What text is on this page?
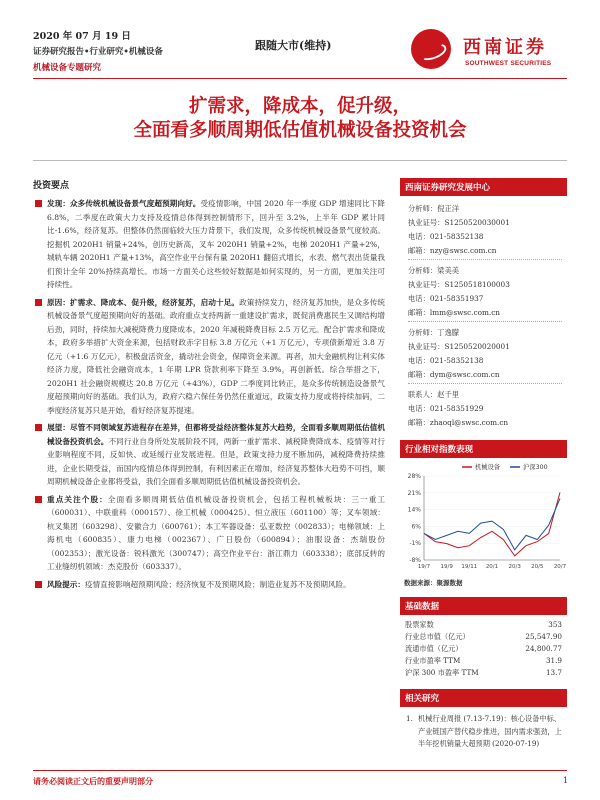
2020 年 07 月 19 日
证券研究报告•行业研究•机械设备
机械设备专题研究
跟随大市(维持)	西南证券
SOUTHWEST SECURITIES
扩需求，降成本，促升级，
全面看多顺周期低估值机械设备投资机会
投资要点
发现：众多传统机械设备景气度超预期向好。受疫情影响，中国 2020 年一季度 GDP 增速同比下降 6.8%，二季度在政策大力支持及疫情总体得到控制情形下，回升至 3.2%，上半年 GDP 累计同比-1.6%，经济复苏。但整体仍然面临较大压力背景下，我们发现，众多传统机械设备景气度较高。挖掘机 2020H1 销量+24%，创历史新高，叉车 2020H1 销量+2%，电梯 2020H1 产量+2%，城轨车辆 2020H1 产量+13%，高空作业平台保有量 2020H1 翻倍式增长，水表、燃气表出货量我们预计全年 20%持续高增长。市场一方面关心这些较好数据是如何实现的，另一方面，更加关注可持续性。
原因：扩需求、降成本、促升级，经济复苏，启动十足。政策持续发力，经济复苏加快，是众多传统机械设备景气度超预期向好的基础。政府重点支持两新一重建设扩需求，既促消费惠民生又调结构增后劲，同时，持续加大减税降费力度降成本，2020 年减税降费目标 2.5 万亿元。配合扩需求和降成本，政府多举措扩大资金来源，包括财政赤字目标 3.8 万亿元（+1 万亿元），专项债新增近 3.8 万亿元（+1.6 万亿元），积极盘活资金，撬动社会资金，保障资金来源。再者，加大金融机构让利实体经济力度，降低社会融资成本，1 年期 LPR 贷款利率下降至 3.9%，再创新低。综合举措之下，2020H1 社会融资规模达 20.8 万亿元（+43%），GDP 二季度同比转正，是众多传统制造设备景气度超预期向好的基础。我们认为，政府六稳六保任务仍然任重道远，政策支持力度或将持续加码，二季度经济复苏只是开始，看好经济复苏提速。
展望：尽管不同领域复苏进程存在差异，但都将受益经济整体复苏大趋势，全面看多顺周期低估值机械设备投资机会。不同行业自身所处发展阶段不同，两新一重扩需求、减税降费降成本、疫情等对行业影响程度不同，反如快、或延缓行业发展进程。但是，政策支持力度不断加码，减税降费持续推进，企业长期受益，而国内疫情总体得到控制，有利因素正在增加，经济复苏整体大趋势不可挡，顺周期机械设备企业都将受益，我们全面看多顺周期低估值机械设备投资机会。
重点关注个股：全面看多顺周期低估值机械设备投资机会，包括工程机械板块：三一重工（600031）、中联重科（000157）、徐工机械（000425）、恒立液压（601100）等；叉车领域：杭叉集团（603298）、安徽合力（600761）；本工军器设备：弘亚数控（002833）；电梯领域：上海机电（600835）、康力电梯（002367）、广日股份（600894）；油服设备：杰瑞股份（002353）；激光设备：锐科激光（300747）；高空作业平台：浙江鼎力（603338）；底部反转的工业缝纫机领域：杰克股份（603337）。
风险提示：疫情直接影响超预期风险；经济恢复不及预期风险；制造业复苏不及预期风险。
西南证券研究发展中心
分析师：倪正洋
执业证号：S1250520030001
电话：021-58352138
邮箱：nzy@swsc.com.cn
分析师：梁美美
执业证号：S1250518100003
电话：021-58351937
邮箱：lmm@swsc.com.cn
分析师：丁逸朦
执业证号：S1250520020001
电话：021-58352138
邮箱：dym@swsc.com.cn
联系人：赵千里
电话：021-58351929
邮箱：zhaoql@swsc.com.cn
行业相对指数表现
机械设备	沪深300
28%
21%
14%
6%
-1%
-8%
19/7 19/9 19/11 20/1 20/3 20/5 20/7
数据来源：聚源数据
基础数据
股票家数	353
行业总市值（亿元）	25,547.90
流通市值（亿元）	24,800.77
行业市盈率 TTM	31.9
沪深 300 市盈率 TTM	13.7
相关研究
1. 机械行业周报 (7.13-7.19)：核心设备中标、产业链国产替代稳步推进，国内需求强劲，上半年挖机销量大超预期 (2020-07-19)
请务必阅读正文后的重要声明部分	1
